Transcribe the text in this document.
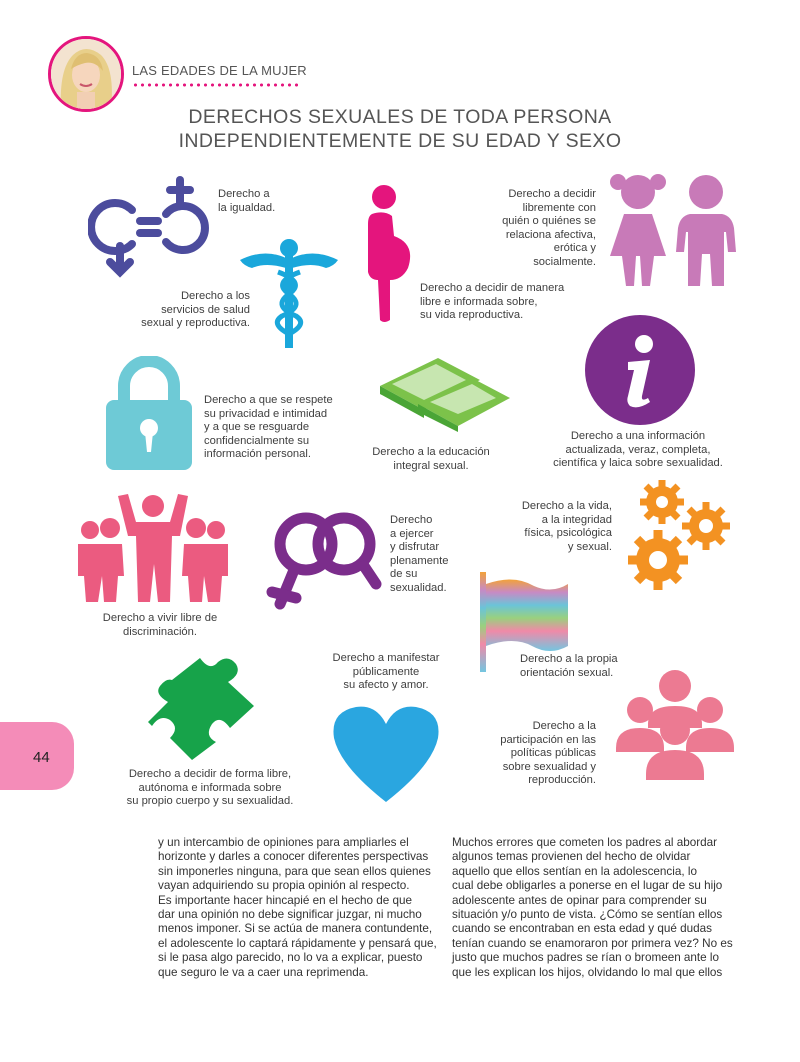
LAS EDADES DE LA MUJER
DERECHOS SEXUALES DE TODA PERSONA
INDEPENDIENTEMENTE DE SU EDAD Y SEXO
Derecho a
la igualdad.
Derecho a decidir de manera
libre e informada sobre,
su vida reproductiva.
Derecho a decidir
libremente con
quién o quiénes se
relaciona afectiva,
erótica y socialmente.
Derecho a los
servicios de salud
sexual y reproductiva.
Derecho a una información
actualizada, veraz, completa,
científica y laica sobre sexualidad.
Derecho a que se respete
su privacidad e intimidad
y a que se resguarde
confidencialmente su
información personal.	Derecho a la educación
integral sexual.
Derecho a vivir libre de
discriminación.
Derecho
a ejercer
y disfrutar
plenamente
de su
sexualidad.
Derecho a la vida,
a la integridad
física, psicológica
y sexual.
Derecho a la propia
orientación sexual.
Derecho a decidir de forma libre,
autónoma e informada sobre
su propio cuerpo y su sexualidad.
Derecho a manifestar
públicamente
su afecto y amor.
Derecho a la
participación en las
políticas públicas
sobre sexualidad y
reproducción.
44
y un intercambio de opiniones para ampliarles el
horizonte y darles a conocer diferentes perspectivas
sin imponerles ninguna, para que sean ellos quienes
vayan adquiriendo su propia opinión al respecto.
Es importante hacer hincapié en el hecho de que
dar una opinión no debe significar juzgar, ni mucho
menos imponer. Si se actúa de manera contundente,
el adolescente lo captará rápidamente y pensará que,
si le pasa algo parecido, no lo va a explicar, puesto
que seguro le va a caer una reprimenda.
Muchos errores que cometen los padres al abordar
algunos temas provienen del hecho de olvidar
aquello que ellos sentían en la adolescencia, lo
cual debe obligarles a ponerse en el lugar de su hijo
adolescente antes de opinar para comprender su
situación y/o punto de vista. ¿Cómo se sentían ellos
cuando se encontraban en esta edad y qué dudas
tenían cuando se enamoraron por primera vez? No es
justo que muchos padres se rían o bromeen ante lo
que les explican los hijos, olvidando lo mal que ellos
